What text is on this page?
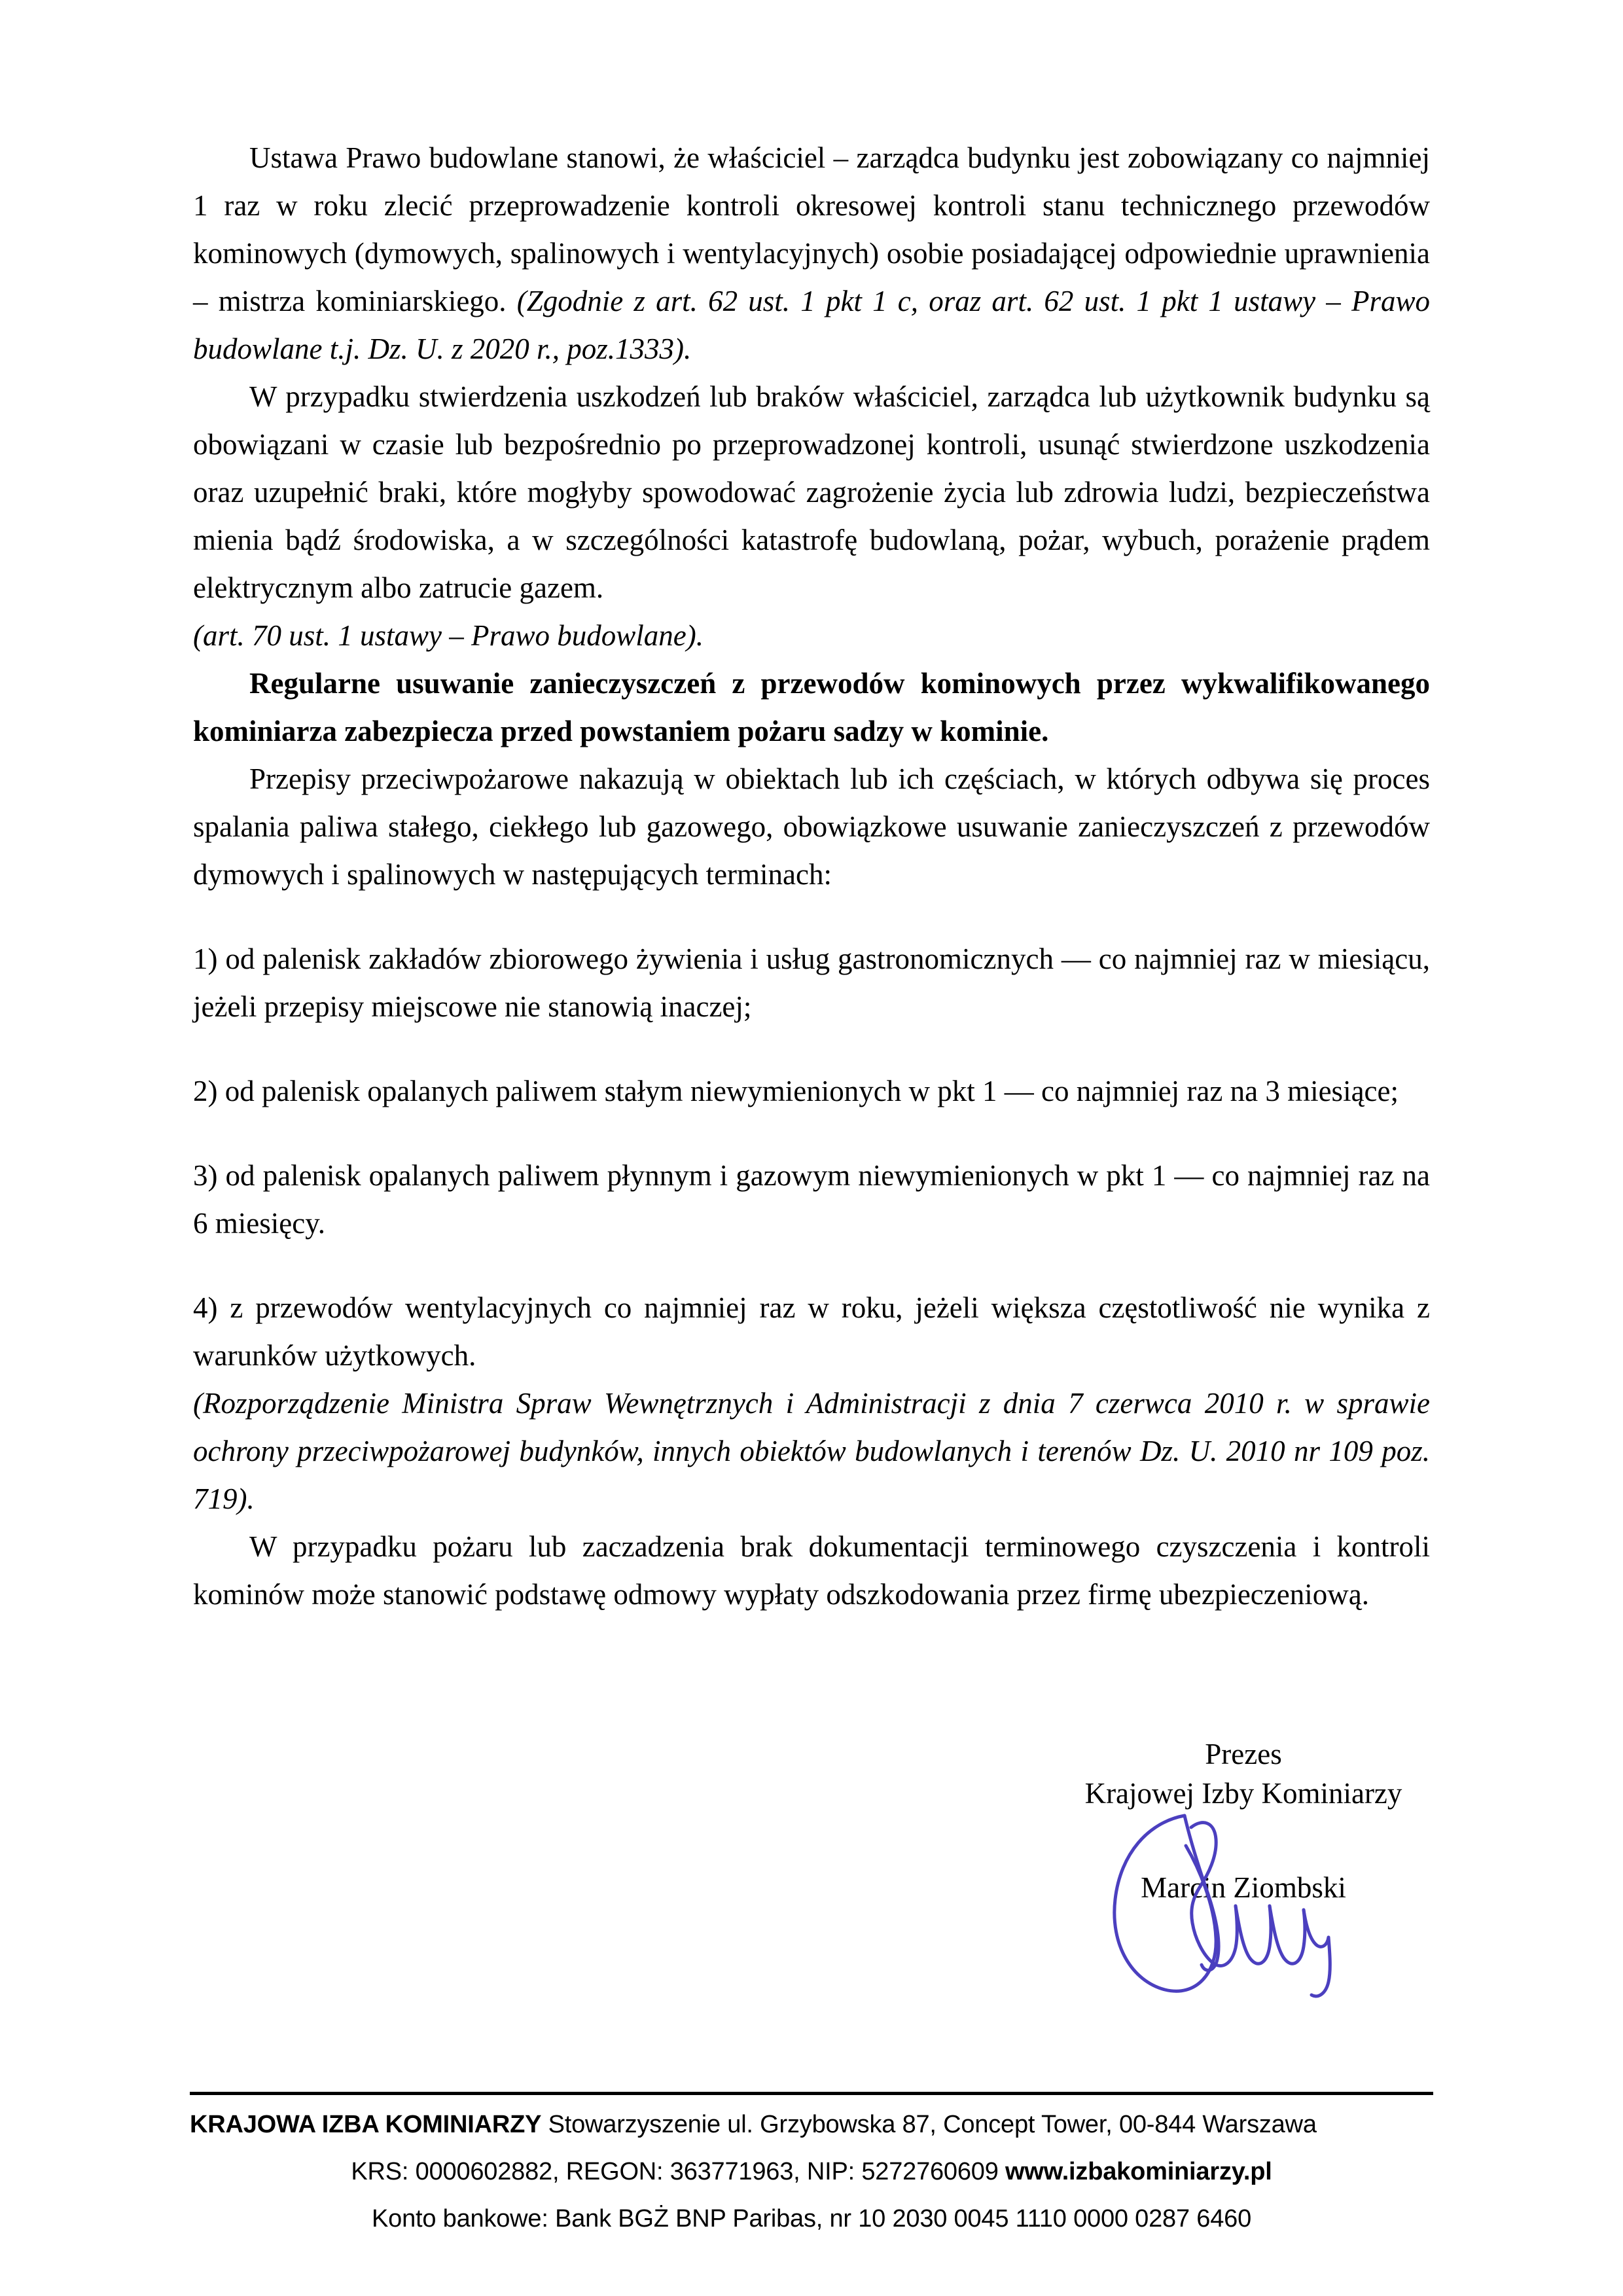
Ustawa Prawo budowlane stanowi, że właściciel – zarządca budynku jest zobowiązany co najmniej 1 raz w roku zlecić przeprowadzenie kontroli okresowej kontroli stanu technicznego przewodów kominowych (dymowych, spalinowych i wentylacyjnych) osobie posiadającej odpowiednie uprawnienia – mistrza kominiarskiego. (Zgodnie z art. 62 ust. 1 pkt 1 c, oraz art. 62 ust. 1 pkt 1 ustawy – Prawo budowlane t.j. Dz. U. z 2020 r., poz.1333).

W przypadku stwierdzenia uszkodzeń lub braków właściciel, zarządca lub użytkownik budynku są obowiązani w czasie lub bezpośrednio po przeprowadzonej kontroli, usunąć stwierdzone uszkodzenia oraz uzupełnić braki, które mogłyby spowodować zagrożenie życia lub zdrowia ludzi, bezpieczeństwa mienia bądź środowiska, a w szczególności katastrofę budowlaną, pożar, wybuch, porażenie prądem elektrycznym albo zatrucie gazem.

(art. 70 ust. 1 ustawy – Prawo budowlane).

Regularne usuwanie zanieczyszczeń z przewodów kominowych przez wykwalifikowanego kominiarza zabezpiecza przed powstaniem pożaru sadzy w kominie.

Przepisy przeciwpożarowe nakazują w obiektach lub ich częściach, w których odbywa się proces spalania paliwa stałego, ciekłego lub gazowego, obowiązkowe usuwanie zanieczyszczeń z przewodów dymowych i spalinowych w następujących terminach:

1) od palenisk zakładów zbiorowego żywienia i usług gastronomicznych — co najmniej raz w miesiącu, jeżeli przepisy miejscowe nie stanowią inaczej;

2) od palenisk opalanych paliwem stałym niewymienionych w pkt 1 — co najmniej raz na 3 miesiące;

3) od palenisk opalanych paliwem płynnym i gazowym niewymienionych w pkt 1 — co najmniej raz na 6 miesięcy.

4) z przewodów wentylacyjnych co najmniej raz w roku, jeżeli większa częstotliwość nie wynika z warunków użytkowych.

(Rozporządzenie Ministra Spraw Wewnętrznych i Administracji z dnia 7 czerwca 2010 r. w sprawie ochrony przeciwpożarowej budynków, innych obiektów budowlanych i terenów Dz. U. 2010 nr 109 poz. 719).

W przypadku pożaru lub zaczadzenia brak dokumentacji terminowego czyszczenia i kontroli kominów może stanowić podstawę odmowy wypłaty odszkodowania przez firmę ubezpieczeniową.

Prezes
Krajowej Izby Kominiarzy
Marcin Ziombski
KRAJOWA IZBA KOMINIARZY Stowarzyszenie ul. Grzybowska 87, Concept Tower, 00-844 Warszawa
KRS: 0000602882, REGON: 363771963, NIP: 5272760609 www.izbakominiarzy.pl
Konto bankowe: Bank BGŻ BNP Paribas, nr 10 2030 0045 1110 0000 0287 6460
